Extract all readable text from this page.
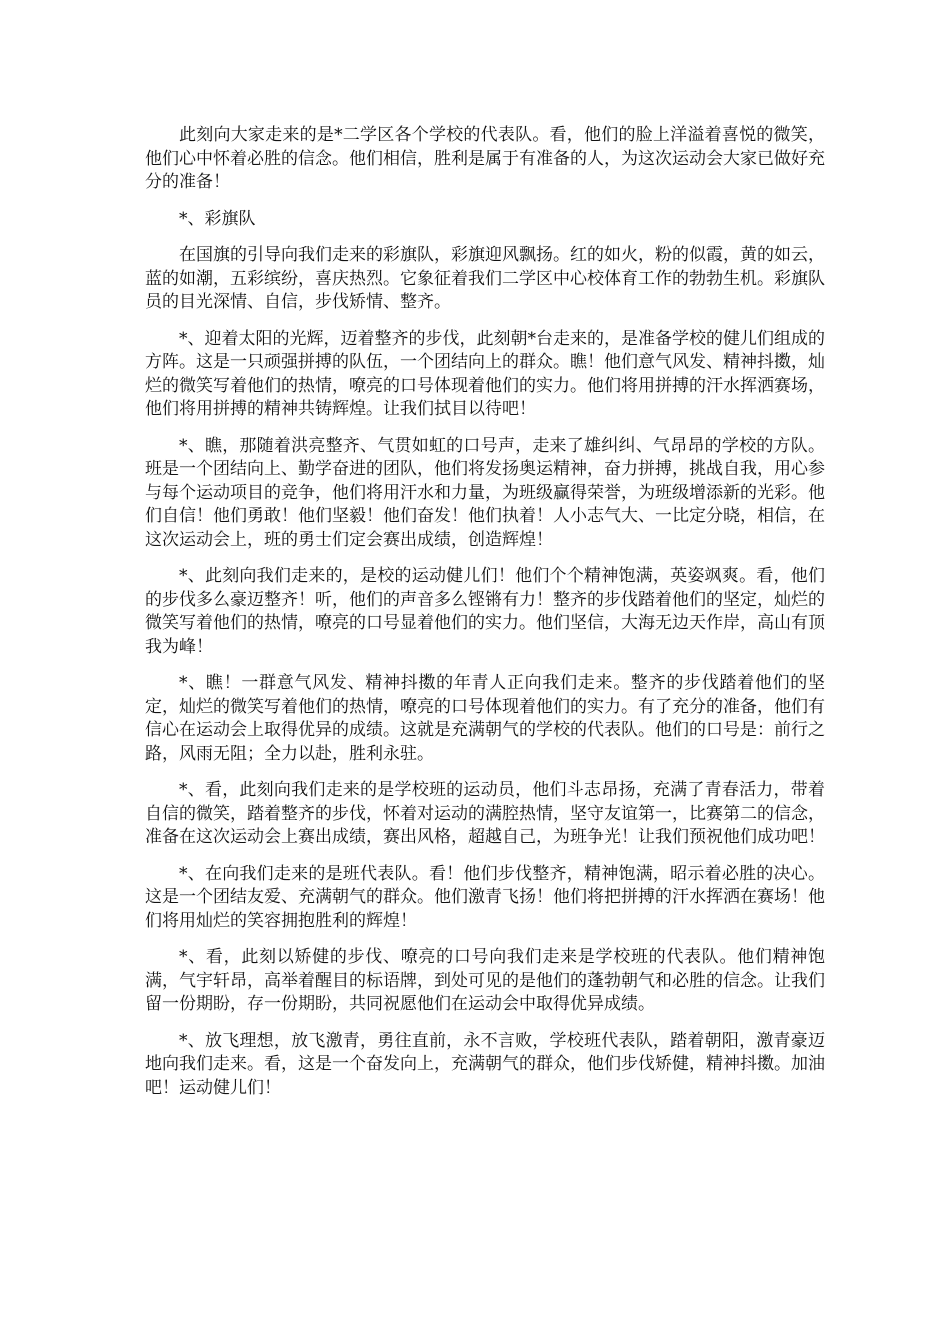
此刻向大家走来的是*二学区各个学校的代表队。看，他们的脸上洋溢着喜悦的微笑，他们心中怀着必胜的信念。他们相信，胜利是属于有准备的人，为这次运动会大家已做好充分的准备！

*、彩旗队

在国旗的引导向我们走来的彩旗队，彩旗迎风飘扬。红的如火，粉的似霞，黄的如云，蓝的如潮，五彩缤纷，喜庆热烈。它象征着我们二学区中心校体育工作的勃勃生机。彩旗队员的目光深情、自信，步伐矫情、整齐。

*、迎着太阳的光辉，迈着整齐的步伐，此刻朝*台走来的，是准备学校的健儿们组成的方阵。这是一只顽强拼搏的队伍，一个团结向上的群众。瞧！他们意气风发、精神抖擞，灿烂的微笑写着他们的热情，嘹亮的口号体现着他们的实力。他们将用拼搏的汗水挥洒赛场，他们将用拼搏的精神共铸辉煌。让我们拭目以待吧！

*、瞧，那随着洪亮整齐、气贯如虹的口号声，走来了雄纠纠、气昂昂的学校的方队。班是一个团结向上、勤学奋进的团队，他们将发扬奥运精神，奋力拼搏，挑战自我，用心参与每个运动项目的竞争，他们将用汗水和力量，为班级赢得荣誉，为班级增添新的光彩。他们自信！他们勇敢！他们坚毅！他们奋发！他们执着！人小志气大、一比定分晓，相信，在这次运动会上，班的勇士们定会赛出成绩，创造辉煌！

*、此刻向我们走来的，是校的运动健儿们！他们个个精神饱满，英姿飒爽。看，他们的步伐多么豪迈整齐！听，他们的声音多么铿锵有力！整齐的步伐踏着他们的坚定，灿烂的微笑写着他们的热情，嘹亮的口号显着他们的实力。他们坚信，大海无边天作岸，高山有顶我为峰！

*、瞧！一群意气风发、精神抖擞的年青人正向我们走来。整齐的步伐踏着他们的坚定，灿烂的微笑写着他们的热情，嘹亮的口号体现着他们的实力。有了充分的准备，他们有信心在运动会上取得优异的成绩。这就是充满朝气的学校的代表队。他们的口号是：前行之路，风雨无阻；全力以赴，胜利永驻。

*、看，此刻向我们走来的是学校班的运动员，他们斗志昂扬，充满了青春活力，带着自信的微笑，踏着整齐的步伐，怀着对运动的满腔热情，坚守友谊第一，比赛第二的信念，准备在这次运动会上赛出成绩，赛出风格，超越自己，为班争光！让我们预祝他们成功吧！

*、在向我们走来的是班代表队。看！他们步伐整齐，精神饱满，昭示着必胜的决心。这是一个团结友爱、充满朝气的群众。他们激青飞扬！他们将把拼搏的汗水挥洒在赛场！他们将用灿烂的笑容拥抱胜利的辉煌！

*、看，此刻以矫健的步伐、嘹亮的口号向我们走来是学校班的代表队。他们精神饱满，气宇轩昂，高举着醒目的标语牌，到处可见的是他们的蓬勃朝气和必胜的信念。让我们留一份期盼，存一份期盼，共同祝愿他们在运动会中取得优异成绩。

*、放飞理想，放飞激青，勇往直前，永不言败，学校班代表队，踏着朝阳，激青豪迈地向我们走来。看，这是一个奋发向上，充满朝气的群众，他们步伐矫健，精神抖擞。加油吧！运动健儿们！
